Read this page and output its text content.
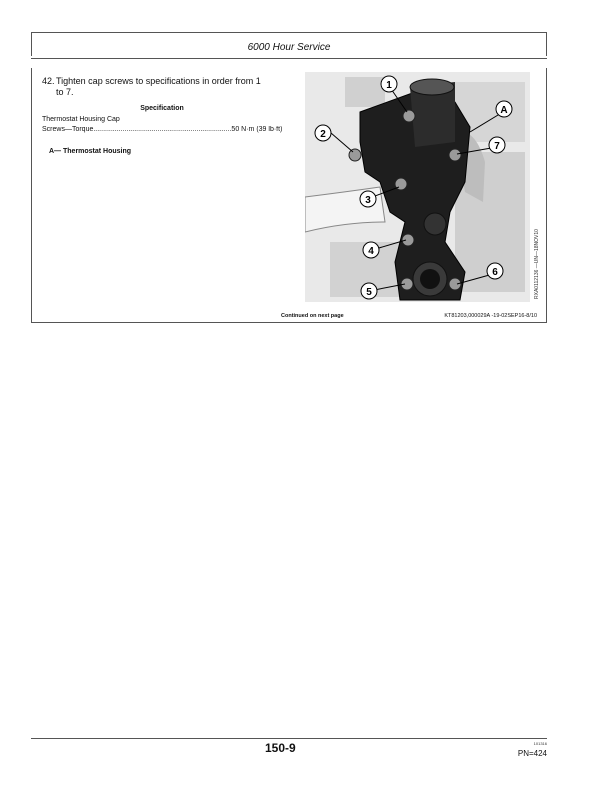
6000 Hour Service
42.Tighten cap screws to specifications in order from 1
to 7.
Specification
Thermostat Housing Cap
Screws—Torque.......................................................................50 N·m (39 lb·ft)
A— Thermostat Housing
1
2
3
4
5
6
7
A
RXA0112136 —UN—18NOV10
Continued on next page	KT81203,000029A -19-02SEP16-8/10
150-9	101316
PN=424
